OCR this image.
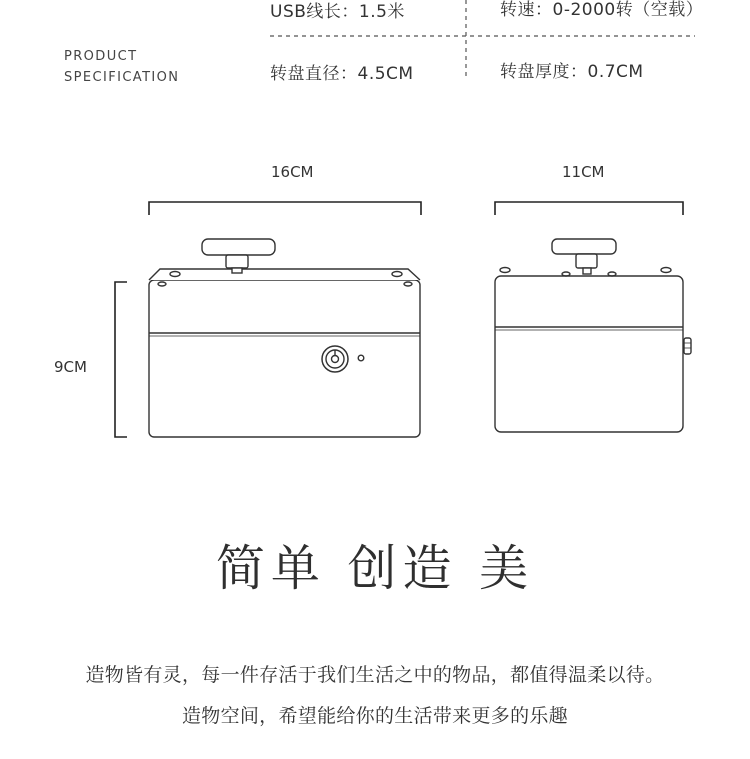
PRODUCT
SPECIFICATION
USB线长：1.5米	转速：0-2000转（空载）
转盘直径：4.5CM	转盘厚度：0.7CM
16CM	11CM
9CM
简单 创造 美
造物皆有灵，每一件存活于我们生活之中的物品，都值得温柔以待。
造物空间，希望能给你的生活带来更多的乐趣
